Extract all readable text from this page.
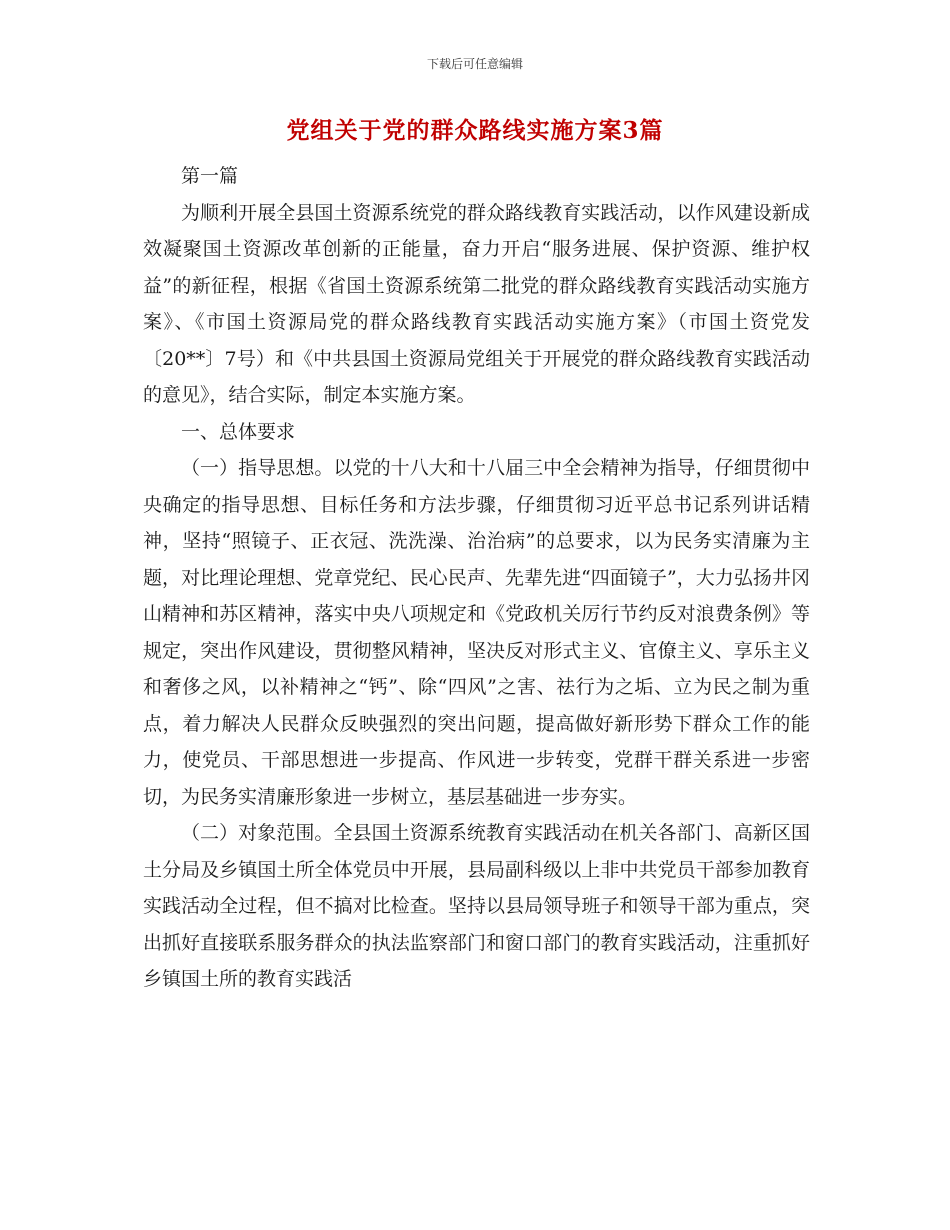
下载后可任意编辑
党组关于党的群众路线实施方案3篇

第一篇

为顺利开展全县国土资源系统党的群众路线教育实践活动，以作风建设新成效凝聚国土资源改革创新的正能量，奋力开启“服务进展、保护资源、维护权益”的新征程，根据《省国土资源系统第二批党的群众路线教育实践活动实施方案》、《市国土资源局党的群众路线教育实践活动实施方案》（市国土资党发〔20**〕7号）和《中共县国土资源局党组关于开展党的群众路线教育实践活动的意见》，结合实际，制定本实施方案。

一、总体要求

（一）指导思想。以党的十八大和十八届三中全会精神为指导，仔细贯彻中央确定的指导思想、目标任务和方法步骤，仔细贯彻习近平总书记系列讲话精神，坚持“照镜子、正衣冠、洗洗澡、治治病”的总要求，以为民务实清廉为主题，对比理论理想、党章党纪、民心民声、先辈先进“四面镜子”，大力弘扬井冈山精神和苏区精神，落实中央八项规定和《党政机关厉行节约反对浪费条例》等规定，突出作风建设，贯彻整风精神，坚决反对形式主义、官僚主义、享乐主义和奢侈之风，以补精神之“钙”、除“四风”之害、祛行为之垢、立为民之制为重点，着力解决人民群众反映强烈的突出问题，提高做好新形势下群众工作的能力，使党员、干部思想进一步提高、作风进一步转变，党群干群关系进一步密切，为民务实清廉形象进一步树立，基层基础进一步夯实。

（二）对象范围。全县国土资源系统教育实践活动在机关各部门、高新区国土分局及乡镇国土所全体党员中开展，县局副科级以上非中共党员干部参加教育实践活动全过程，但不搞对比检查。坚持以县局领导班子和领导干部为重点，突出抓好直接联系服务群众的执法监察部门和窗口部门的教育实践活动，注重抓好乡镇国土所的教育实践活
